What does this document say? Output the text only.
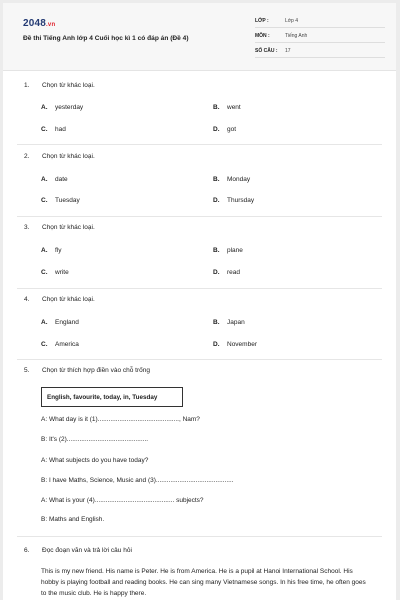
2048.vn
Đề thi Tiếng Anh lớp 4 Cuối học kì 1 có đáp án (Đề 4)
LỚP :	Lớp 4
MÔN :	Tiếng Anh
SỐ CÂU : 17
1. Chọn từ khác loại.
A. yesterday	B. went
C. had	D. got
2. Chọn từ khác loại.
A. date	B. Monday
C. Tuesday	D. Thursday
3. Chọn từ khác loại.
A. fly	B. plane
C. write	D. read
4. Chọn từ khác loại.
A. England	B. Japan
C. America	D. November
5. Chọn từ thích hợp điền vào chỗ trống
English, favourite, today, in, Tuesday
A: What day is it (1)............................................., Nam?
B: It's (2).............................................
A: What subjects do you have today?
B: I have Maths, Science, Music and (3)...........................................
A: What is your (4)............................................ subjects?
B: Maths and English.
6. Đọc đoạn văn và trả lời câu hỏi
This is my new friend. His name is Peter. He is from America. He is a pupil at Hanoi International School. His hobby is playing football and reading books. He can sing many Vietnamese songs. In his free time, he often goes to the music club. He is happy there.
